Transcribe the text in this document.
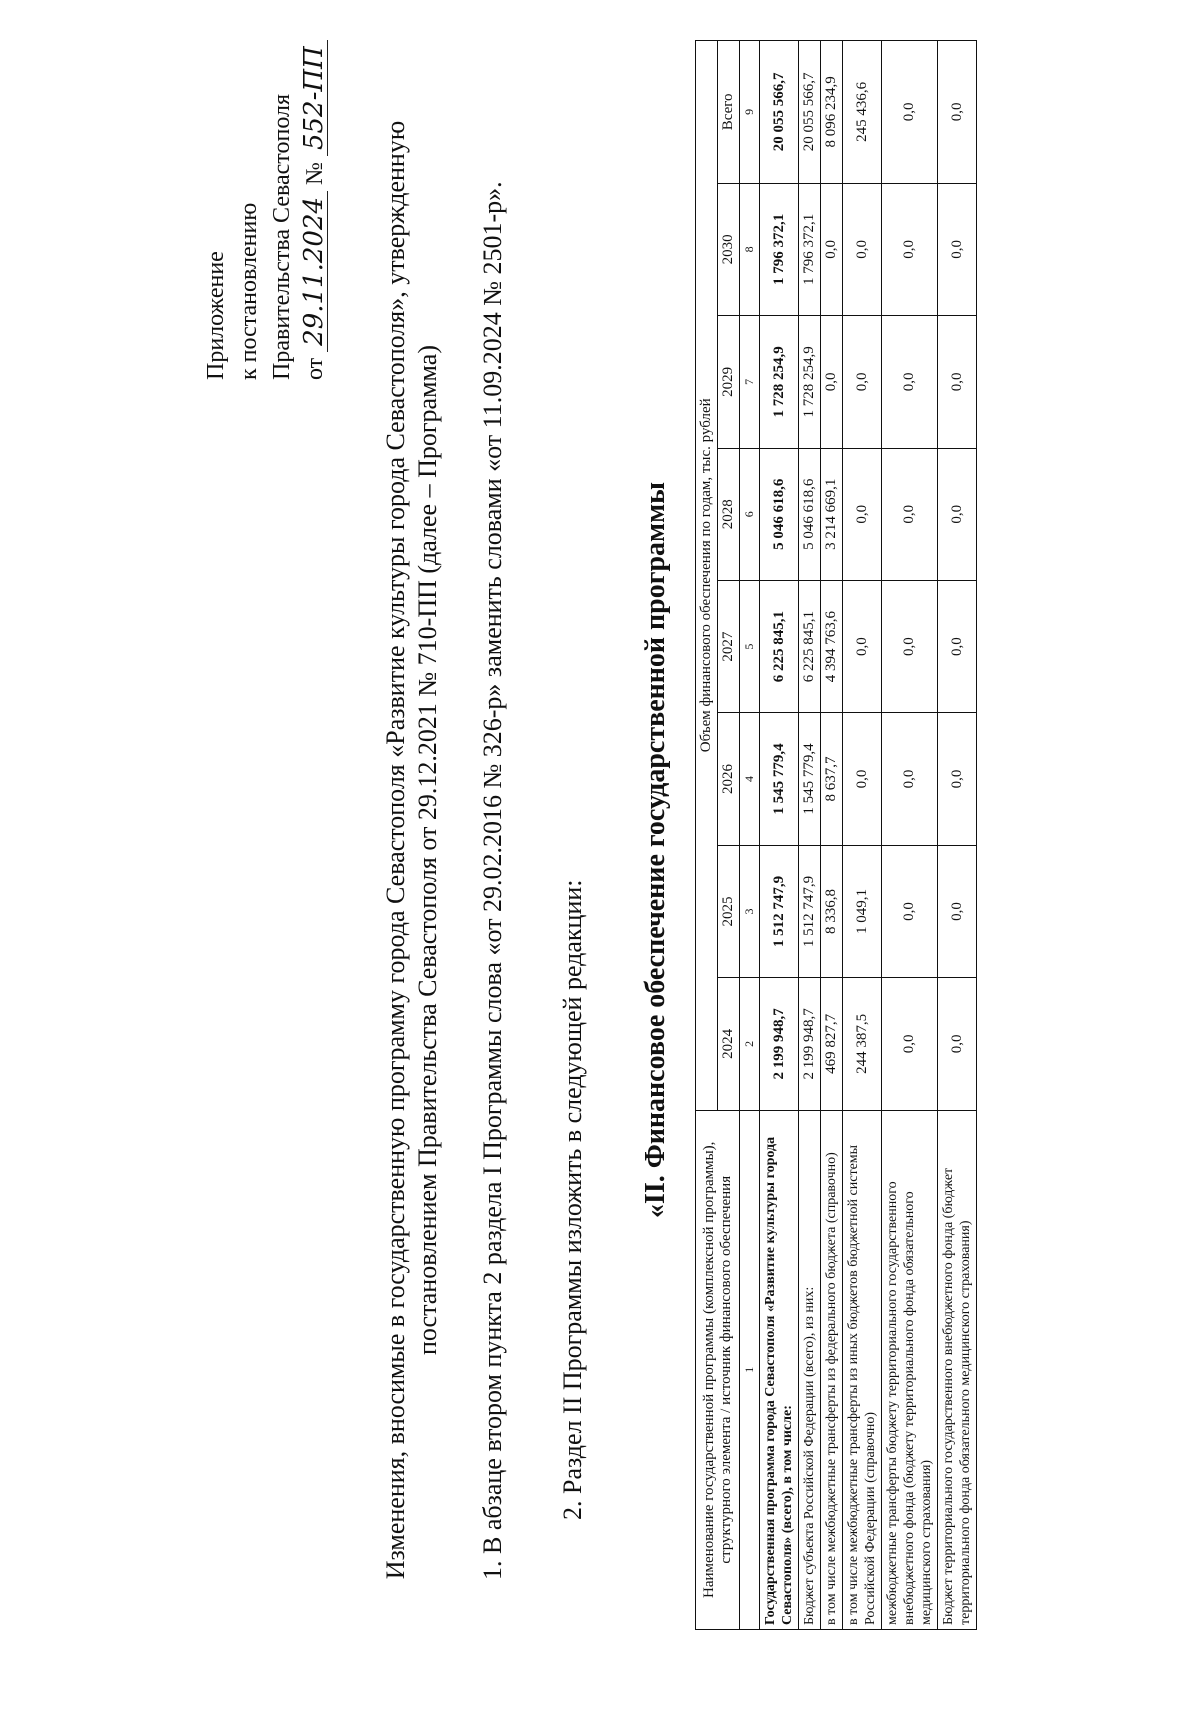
Приложение к постановлению Правительства Севастополя от 29.11.2024 № 552-ПП
Изменения, вносимые в государственную программу города Севастополя «Развитие культуры города Севастополя», утвержденную постановлением Правительства Севастополя от 29.12.2021 № 710-ПП (далее – Программа) 1. В абзаце втором пункта 2 раздела I Программы слова «от 29.02.2016 № 326-р» заменить словами «от 11.09.2024 № 2501-р». 2. Раздел II Программы изложить в следующей редакции: «II. Финансовое обеспечение государственной программы
Наименование государственной программы (комплексной программы), структурного элемента / источник финансового обеспечения	Объем финансового обеспечения по годам, тыс. рублей							
	2024	2025	2026	2027	2028	2029	2030	Всего
1	2	3	4	5	6	7	8	9
Государственная программа города Севастополя «Развитие культуры города Севастополя» (всего), в том числе:	2 199 948,7	1 512 747,9	1 545 779,4	6 225 845,1	5 046 618,6	1 728 254,9	1 796 372,1	20 055 566,7
Бюджет субъекта Российской Федерации (всего), из них:	2 199 948,7	1 512 747,9	1 545 779,4	6 225 845,1	5 046 618,6	1 728 254,9	1 796 372,1	20 055 566,7
в том числе межбюджетные трансферты из федерального бюджета (справочно)	469 827,7	8 336,8	8 637,7	4 394 763,6	3 214 669,1	0,0	0,0	8 096 234,9
в том числе межбюджетные трансферты из иных бюджетов бюджетной системы Российской Федерации (справочно)	244 387,5	1 049,1	0,0	0,0	0,0	0,0	0,0	245 436,6
межбюджетные трансферты бюджету территориального государственного внебюджетного фонда (бюджету территориального фонда обязательного медицинского страхования)	0,0	0,0	0,0	0,0	0,0	0,0	0,0	0,0
Бюджет территориального государственного внебюджетного фонда (бюджет территориального фонда обязательного медицинского страхования)	0,0	0,0	0,0	0,0	0,0	0,0	0,0	0,0
